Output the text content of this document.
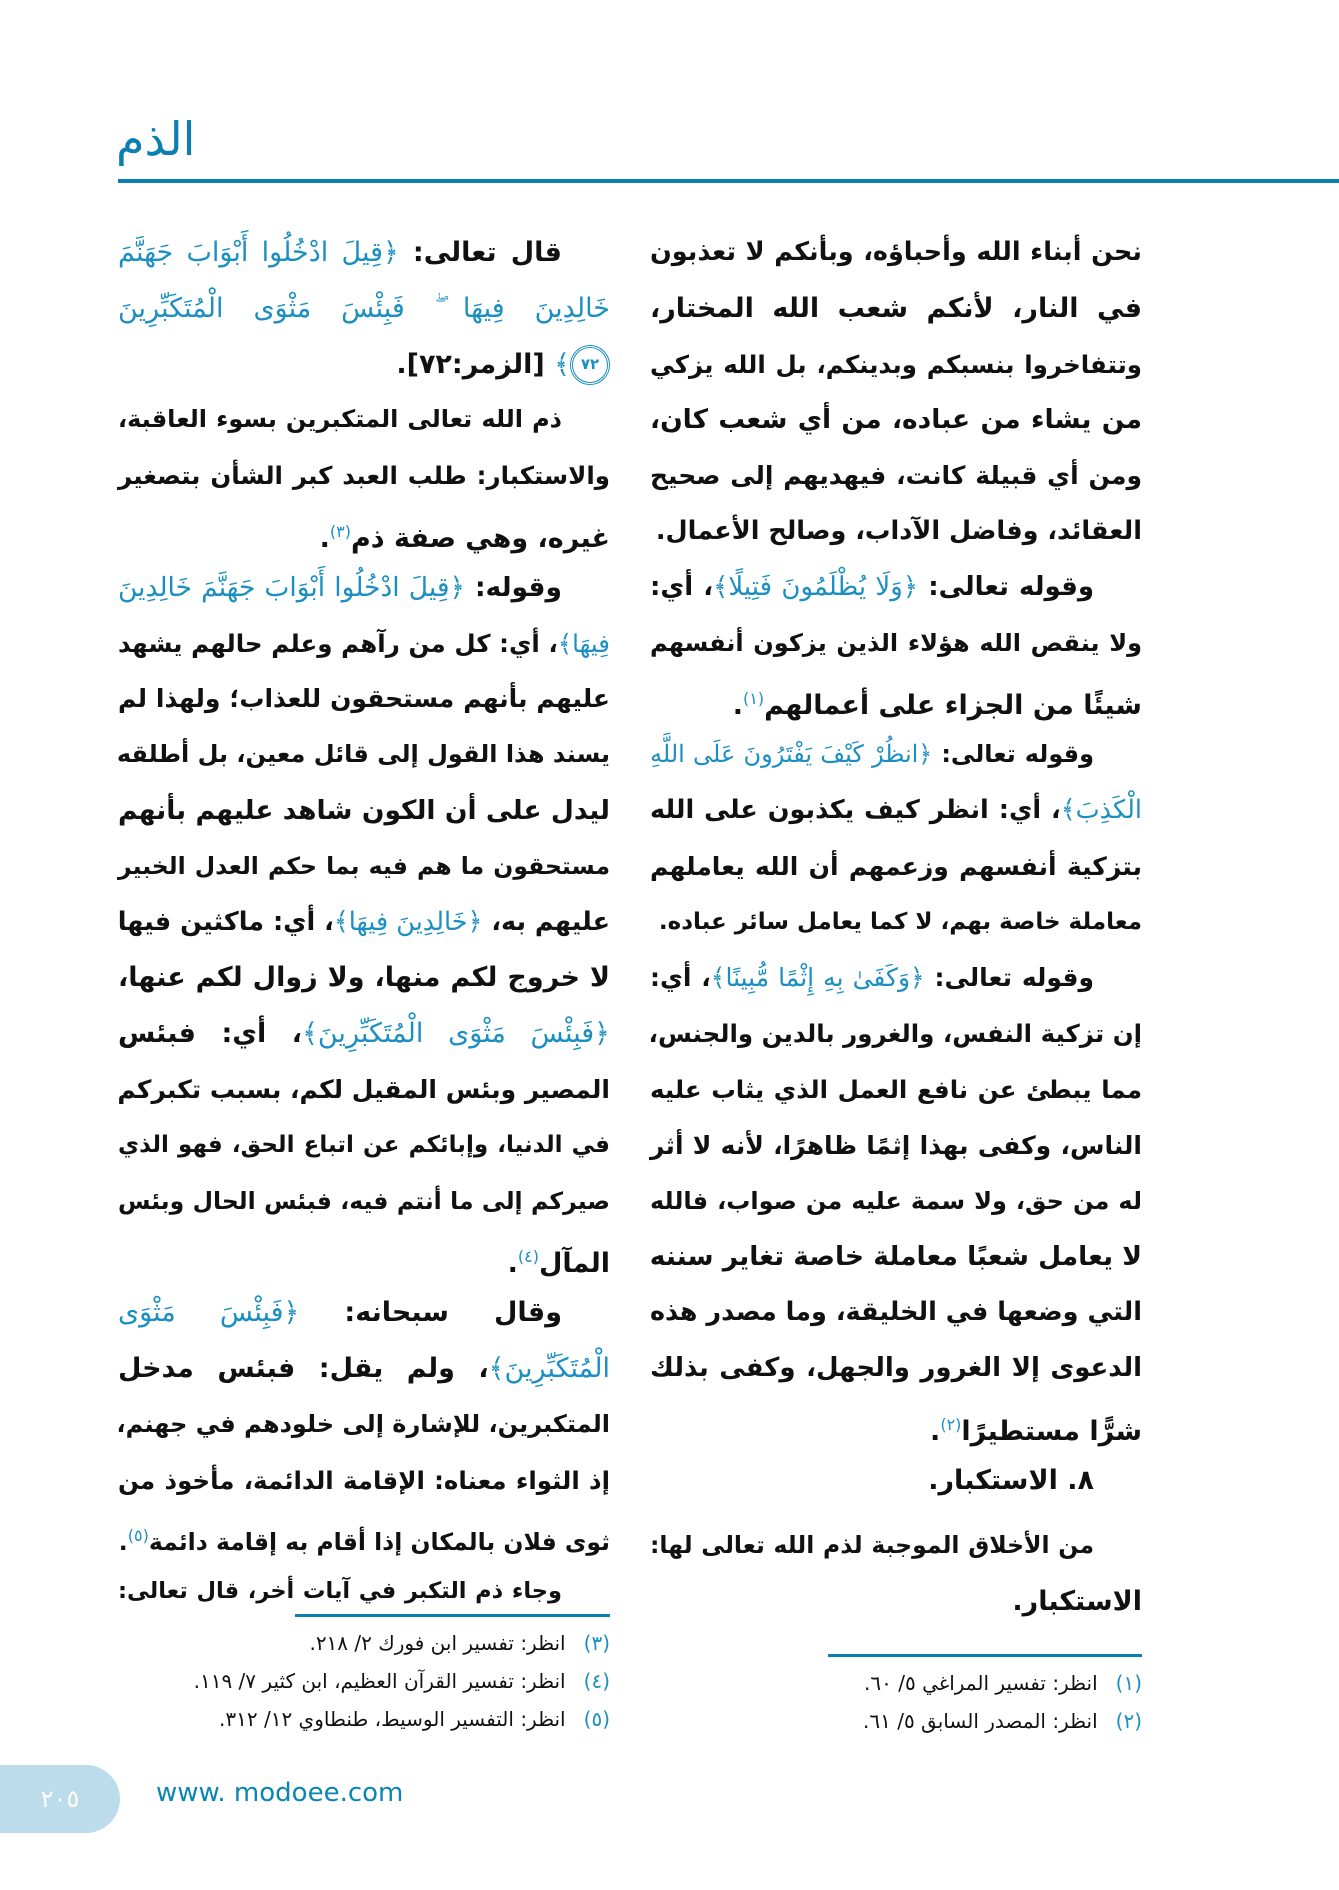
الذم
نحن أبناء الله وأحباؤه، وبأنكم لا تعذبون
في النار، لأنكم شعب الله المختار،
وتتفاخروا بنسبكم وبدينكم، بل الله يزكي
من يشاء من عباده، من أي شعب كان،
ومن أي قبيلة كانت، فيهديهم إلى صحيح
العقائد، وفاضل الآداب، وصالح الأعمال.
وقوله تعالى: ﴿وَلَا يُظْلَمُونَ فَتِيلًا﴾، أي:
ولا ينقص الله هؤلاء الذين يزكون أنفسهم
شيئًا من الجزاء على أعمالهم$^{(١)}$.
وقوله تعالى: ﴿انظُرْ كَيْفَ يَفْتَرُونَ عَلَى اللَّهِ
الْكَذِبَ﴾، أي: انظر كيف يكذبون على الله
بتزكية أنفسهم وزعمهم أن الله يعاملهم
معاملة خاصة بهم، لا كما يعامل سائر عباده.
وقوله تعالى: ﴿وَكَفَىٰ بِهِ إِثْمًا مُّبِينًا﴾، أي:
إن تزكية النفس، والغرور بالدين والجنس،
مما يبطئ عن نافع العمل الذي يثاب عليه
الناس، وكفى بهذا إثمًا ظاهرًا، لأنه لا أثر
له من حق، ولا سمة عليه من صواب، فالله
لا يعامل شعبًا معاملة خاصة تغاير سننه
التي وضعها في الخليقة، وما مصدر هذه
الدعوى إلا الغرور والجهل، وكفى بذلك
شرًّا مستطيرًا$^{(٢)}$.
٨. الاستكبار.
من الأخلاق الموجبة لذم الله تعالى لها:
الاستكبار.
قال تعالى: ﴿قِيلَ ادْخُلُوا أَبْوَابَ جَهَنَّمَ
خَالِدِينَ فِيهَا ۖ فَبِئْسَ مَثْوَى الْمُتَكَبِّرِينَ
٧٢﴾ [الزمر:٧٢].
ذم الله تعالى المتكبرين بسوء العاقبة،
والاستكبار: طلب العبد كبر الشأن بتصغير
غيره، وهي صفة ذم$^{(٣)}$.
وقوله: ﴿قِيلَ ادْخُلُوا أَبْوَابَ جَهَنَّمَ خَالِدِينَ
فِيهَا﴾، أي: كل من رآهم وعلم حالهم يشهد
عليهم بأنهم مستحقون للعذاب؛ ولهذا لم
يسند هذا القول إلى قائل معين، بل أطلقه
ليدل على أن الكون شاهد عليهم بأنهم
مستحقون ما هم فيه بما حكم العدل الخبير
عليهم به، ﴿خَالِدِينَ فِيهَا﴾، أي: ماكثين فيها
لا خروج لكم منها، ولا زوال لكم عنها،
﴿فَبِئْسَ مَثْوَى الْمُتَكَبِّرِينَ﴾، أي: فبئس
المصير وبئس المقيل لكم، بسبب تكبركم
في الدنيا، وإبائكم عن اتباع الحق، فهو الذي
صيركم إلى ما أنتم فيه، فبئس الحال وبئس
المآل$^{(٤)}$.
وقال سبحانه: ﴿فَبِئْسَ مَثْوَى
الْمُتَكَبِّرِينَ﴾، ولم يقل: فبئس مدخل
المتكبرين، للإشارة إلى خلودهم في جهنم،
إذ الثواء معناه: الإقامة الدائمة، مأخوذ من
ثوى فلان بالمكان إذا أقام به إقامة دائمة$^{(٥)}$.
وجاء ذم التكبر في آيات أخر، قال تعالى:
(٣)انظر: تفسير ابن فورك ٢/ ٢١٨.
(٤)انظر: تفسير القرآن العظيم، ابن كثير ٧/ ١١٩.
(٥)انظر: التفسير الوسيط، طنطاوي ١٢/ ٣١٢.
(١)انظر: تفسير المراغي ٥/ ٦٠.
(٢)انظر: المصدر السابق ٥/ ٦١.
٢٠٥	www. modoee.com
